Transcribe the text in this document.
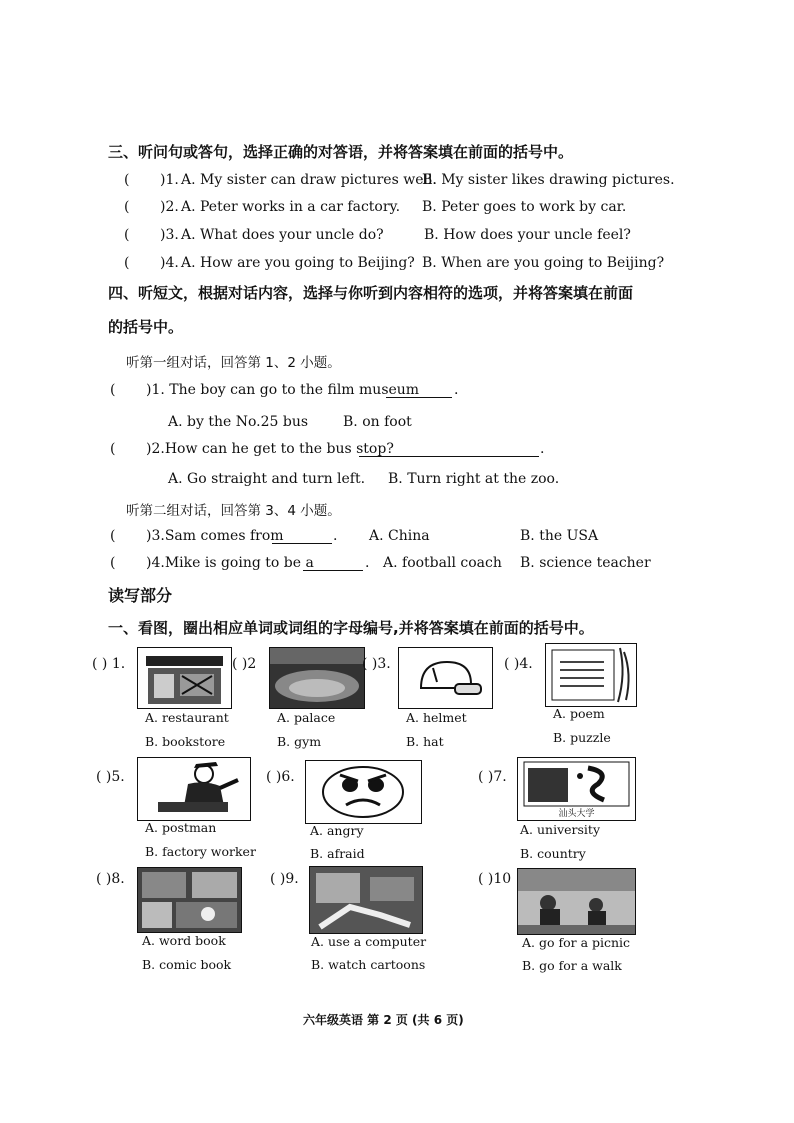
三、听问句或答句，选择正确的对答语，并将答案填在前面的括号中。
( )1. A. My sister can draw pictures well.
B. My sister likes drawing pictures.
( )2. A. Peter works in a car factory. B. Peter goes to work by car.
( )3. A. What does your uncle do?	B. How does your uncle feel?
( )4. A. How are you going to Beijing? B. When are you going to Beijing?
四、听短文，根据对话内容，选择与你听到内容相符的选项，并将答案填在前面
的括号中。
听第一组对话，回答第 1、2 小题。
( )1. The boy can go to the film museum .
A. by the No.25 bus B. on foot
( )2.How can he get to the bus stop?	.
A. Go straight and turn left. B. Turn right at the zoo.
听第二组对话，回答第 3、4 小题。
( )3.Sam comes from	. A. China	B. the USA
( )4.Mike is going to be a	. A. football coach B. science teacher
读写部分
一、看图，圈出相应单词或词组的字母编号,并将答案填在前面的括号中。
( ) 1.
A. restaurant
B. bookstore
( )2
A. palace
B. gym
( )3.
A. helmet
B. hat
( )4.
A. poem
B. puzzle
( )5.
A. postman
B. factory worker
( )6.
A. angry
B. afraid
( )7.
汕头大学
A. university
B. country
( )8.
A. word book
B. comic book
( )9.
A. use a computer
B. watch cartoons
( )10
A. go for a picnic
B. go for a walk
六年级英语 第 2 页 (共 6 页)
